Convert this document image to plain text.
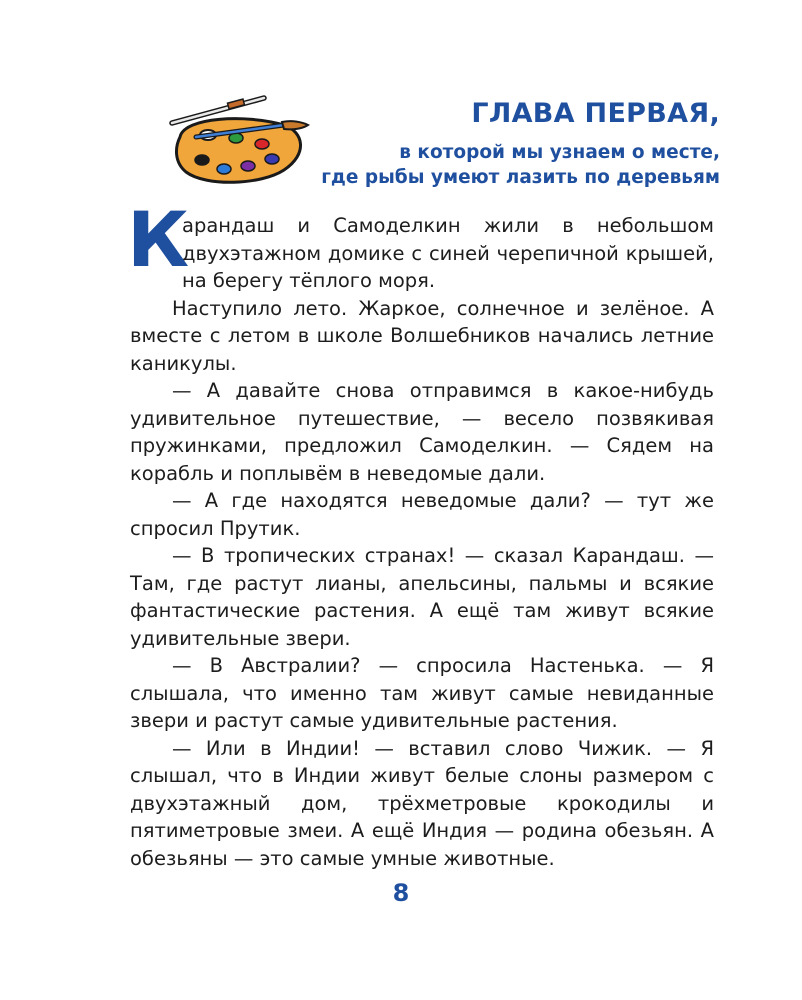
ГЛАВА ПЕРВАЯ,
в которой мы узнаем о месте,
где рыбы умеют лазить по деревьям

К
арандаш и Самоделкин жили в небольшом двухэтажном домике с синей черепичной крышей, на берегу тёплого моря.

Наступило лето. Жаркое, солнечное и зелёное. А вместе с летом в школе Волшебников начались летние каникулы.

— А давайте снова отправимся в какое-нибудь удивительное путешествие, — весело позвякивая пружинками, предложил Самоделкин. — Сядем на корабль и поплывём в неведомые дали.

— А где находятся неведомые дали? — тут же спросил Прутик.

— В тропических странах! — сказал Карандаш. — Там, где растут лианы, апельсины, пальмы и всякие фантастические растения. А ещё там живут всякие удивительные звери.

— В Австралии? — спросила Настенька. — Я слышала, что именно там живут самые невиданные звери и растут самые удивительные растения.

— Или в Индии! — вставил слово Чижик. — Я слышал, что в Индии живут белые слоны размером с двухэтажный дом, трёхметровые крокодилы и пятиметровые змеи. А ещё Индия — родина обезьян. А обезьяны — это самые умные животные.

8
